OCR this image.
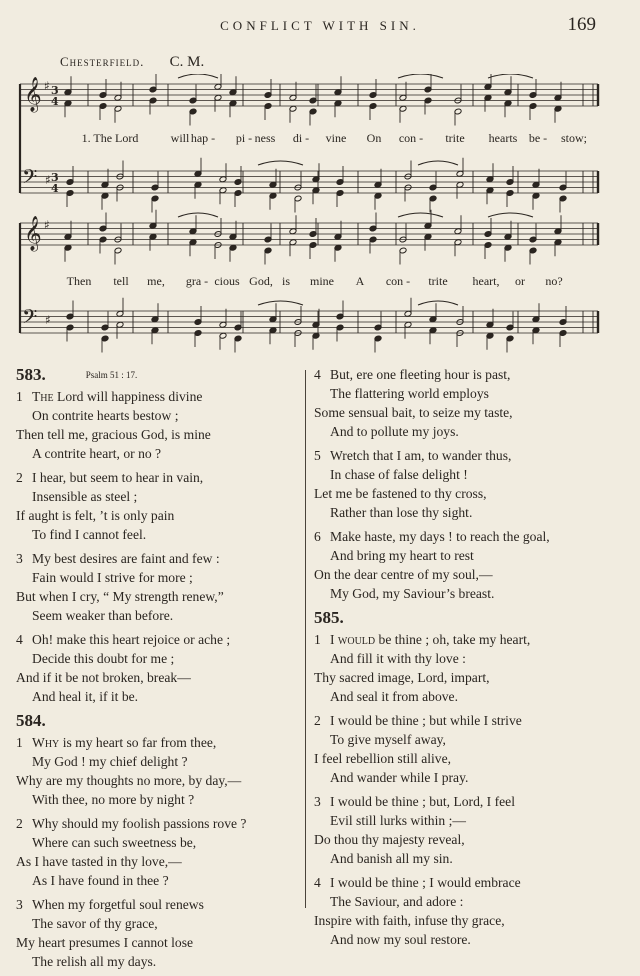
CONFLICT WITH SIN.	169
Chesterfield. C. M.
𝄞 ♯ 3
4
𝄢 ♯ 3
4
𝄞 ♯
𝄢 ♯
1. The Lord	will hap - pi - ness di - vine On con - trite hearts be - stow;
Then tell me, gra - cious God, is mine A con - trite heart, or no?
583.	Psalm 51 : 17.
1 The Lord will happiness divine
On contrite hearts bestow ;
Then tell me, gracious God, is mine
A contrite heart, or no ?
2 I hear, but seem to hear in vain,
Insensible as steel ;
If aught is felt, ’t is only pain
To find I cannot feel.
3 My best desires are faint and few :
Fain would I strive for more ;
But when I cry, “ My strength renew,”
Seem weaker than before.
4 Oh! make this heart rejoice or ache ;
Decide this doubt for me ;
And if it be not broken, break—
And heal it, if it be.
584.
1 Why is my heart so far from thee,
My God ! my chief delight ?
Why are my thoughts no more, by day,—
With thee, no more by night ?
2 Why should my foolish passions rove ?
Where can such sweetness be,
As I have tasted in thy love,—
As I have found in thee ?
3 When my forgetful soul renews
The savor of thy grace,
My heart presumes I cannot lose
The relish all my days.
4 But, ere one fleeting hour is past,
The flattering world employs
Some sensual bait, to seize my taste,
And to pollute my joys.
5 Wretch that I am, to wander thus,
In chase of false delight !
Let me be fastened to thy cross,
Rather than lose thy sight.
6 Make haste, my days ! to reach the goal,
And bring my heart to rest
On the dear centre of my soul,—
My God, my Saviour’s breast.
585.
1 I would be thine ; oh, take my heart,
And fill it with thy love :
Thy sacred image, Lord, impart,
And seal it from above.
2 I would be thine ; but while I strive
To give myself away,
I feel rebellion still alive,
And wander while I pray.
3 I would be thine ; but, Lord, I feel
Evil still lurks within ;—
Do thou thy majesty reveal,
And banish all my sin.
4 I would be thine ; I would embrace
The Saviour, and adore :
Inspire with faith, infuse thy grace,
And now my soul restore.
